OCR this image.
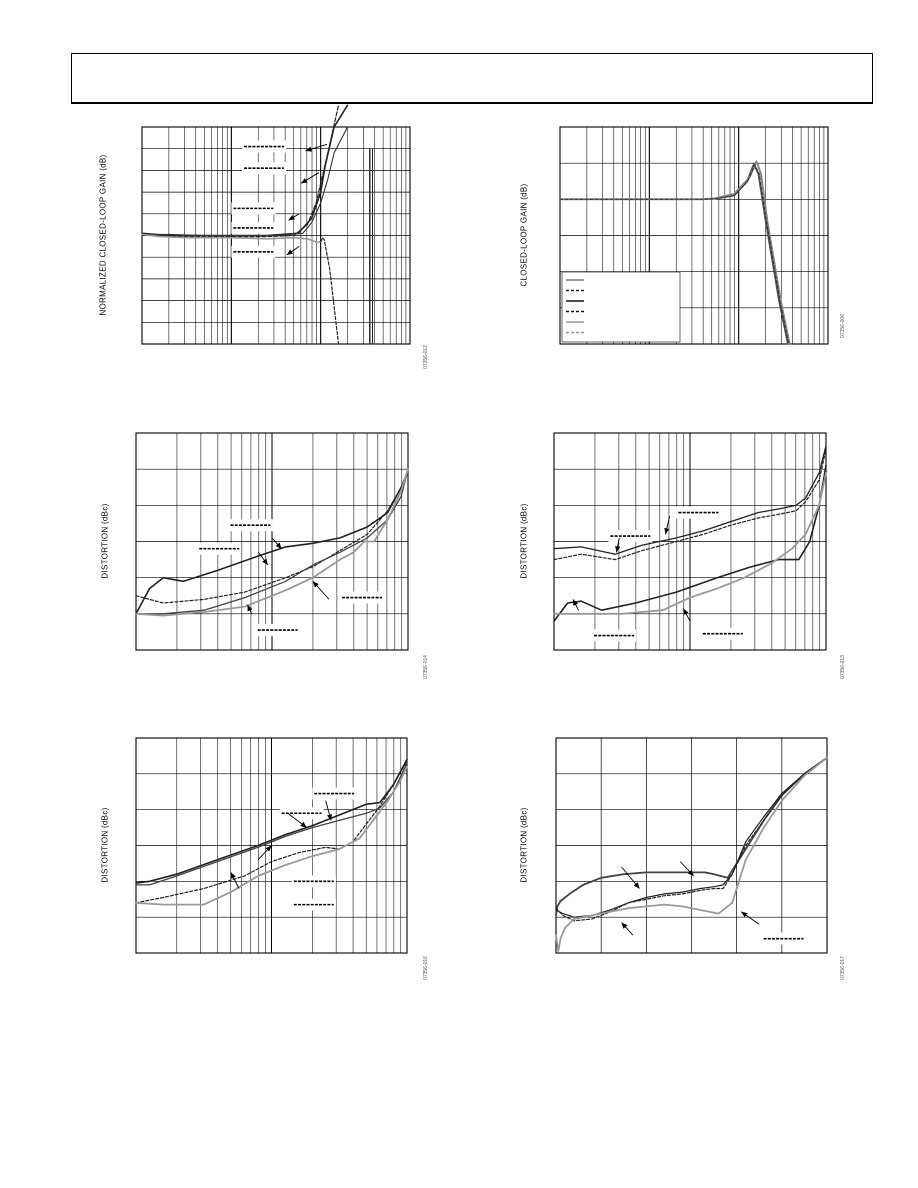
NORMALIZED CLOSED-LOOP GAIN (dB)	CLOSED-LOOP GAIN (dB)
DISTORTION (dBc)	DISTORTION (dBc)
DISTORTION (dBc)	DISTORTION (dBc)
07356-012
07356-006
07356-014	07356-013
07356-016	07356-017
